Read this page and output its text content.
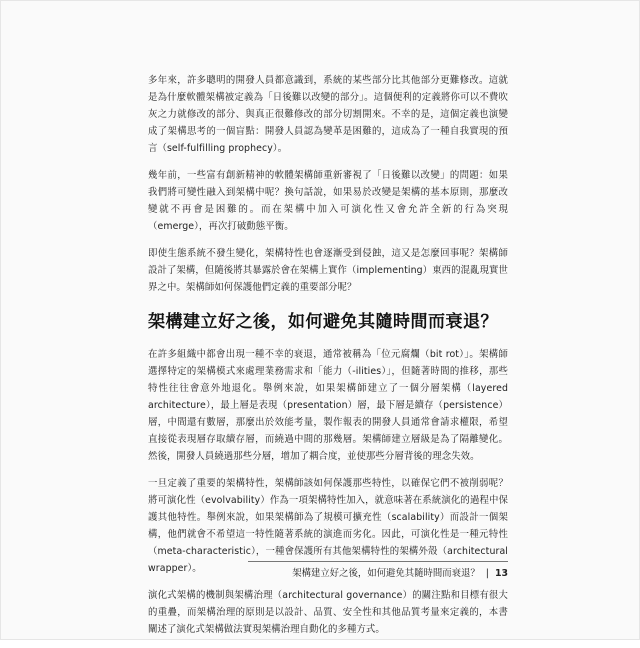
多年來，許多聰明的開發人員都意識到，系統的某些部分比其他部分更難修改。這就是為什麼軟體架構被定義為「日後難以改變的部分」。這個便利的定義將你可以不費吹灰之力就修改的部分、與真正很難修改的部分切割開來。不幸的是，這個定義也演變成了架構思考的一個盲點：開發人員認為變革是困難的，這成為了一種自我實現的預言（self-fulfilling prophecy）。

幾年前，一些富有創新精神的軟體架構師重新審視了「日後難以改變」的問題：如果我們將可變性融入到架構中呢？換句話說，如果易於改變是架構的基本原則，那麼改變就不再會是困難的。而在架構中加入可演化性又會允許全新的行為突現（emerge），再次打破動態平衡。

即使生態系統不發生變化，架構特性也會逐漸受到侵蝕，這又是怎麼回事呢？架構師設計了架構，但隨後將其暴露於會在架構上實作（implementing）東西的混亂現實世界之中。架構師如何保護他們定義的重要部分呢？

架構建立好之後，如何避免其隨時間而衰退？

在許多組織中都會出現一種不幸的衰退，通常被稱為「位元腐爛（bit rot）」。架構師選擇特定的架構模式來處理業務需求和「能力（-ilities）」，但隨著時間的推移，那些特性往往會意外地退化。舉例來說，如果架構師建立了一個分層架構（layered architecture），最上層是表現（presentation）層，最下層是續存（persistence）層，中間還有數層，那麼出於效能考量，製作報表的開發人員通常會請求權限，希望直接從表現層存取續存層，而繞過中間的那幾層。架構師建立層級是為了隔離變化。然後，開發人員繞過那些分層，增加了耦合度，並使那些分層背後的理念失效。

一旦定義了重要的架構特性，架構師該如何保護那些特性，以確保它們不被削弱呢？將可演化性（evolvability）作為一項架構特性加入，就意味著在系統演化的過程中保護其他特性。舉例來說，如果架構師為了規模可擴充性（scalability）而設計一個架構，他們就會不希望這一特性隨著系統的演進而劣化。因此，可演化性是一種元特性（meta-characteristic），一種會保護所有其他架構特性的架構外殼（architectural wrapper）。

演化式架構的機制與架構治理（architectural governance）的關注點和目標有很大的重疊，而架構治理的原則是以設計、品質、安全性和其他品質考量來定義的，本書闡述了演化式架構做法實現架構治理自動化的多種方式。

架構建立好之後，如何避免其隨時間而衰退？ | 13
